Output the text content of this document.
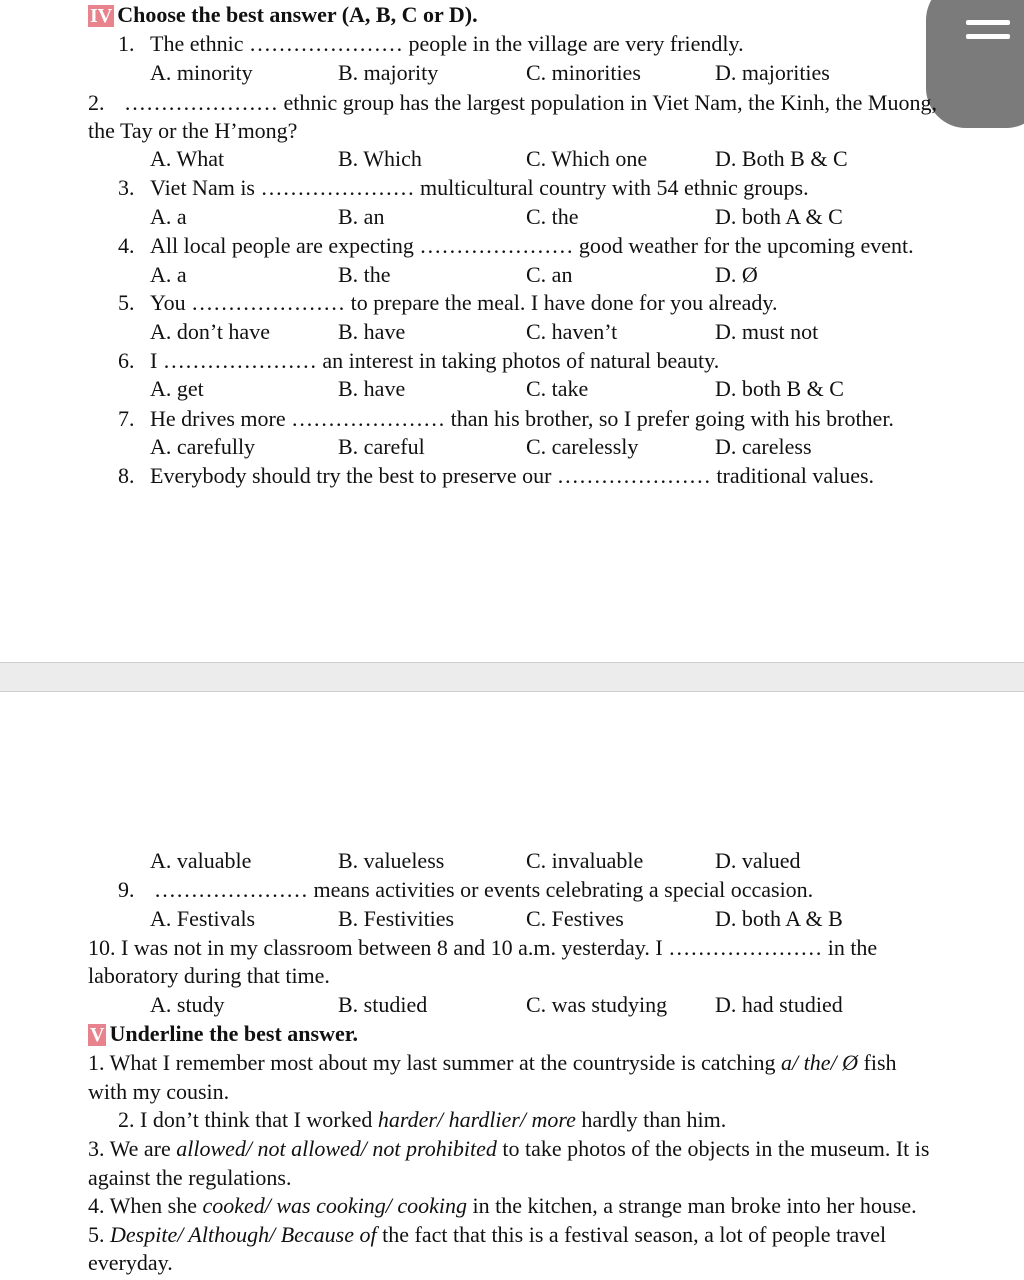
IV Choose the best answer (A, B, C or D).
1. The ethnic ………………… people in the village are very friendly.
A. minority	B. majority	C. minorities	D. majorities
2. ………………… ethnic group has the largest population in Viet Nam, the Kinh, the Muong,
the Tay or the H’mong?
A. What	B. Which	C. Which one	D. Both B & C
3. Viet Nam is ………………… multicultural country with 54 ethnic groups.
A. a	B. an	C. the	D. both A & C
4. All local people are expecting ………………… good weather for the upcoming event.
A. a	B. the	C. an	D. Ø
5. You ………………… to prepare the meal. I have done for you already.
A. don’t have	B. have	C. haven’t	D. must not
6. I ………………… an interest in taking photos of natural beauty.
A. get	B. have	C. take	D. both B & C
7. He drives more ………………… than his brother, so I prefer going with his brother.
A. carefully	B. careful	C. carelessly	D. careless
8. Everybody should try the best to preserve our ………………… traditional values.
A. valuable	B. valueless	C. invaluable	D. valued
9. ………………… means activities or events celebrating a special occasion.
A. Festivals	B. Festivities	C. Festives	D. both A & B
10. I was not in my classroom between 8 and 10 a.m. yesterday. I ………………… in the
laboratory during that time.
A. study	B. studied	C. was studying D. had studied
V Underline the best answer.
1. What I remember most about my last summer at the countryside is catching a/ the/ Ø fish
with my cousin.
2. I don’t think that I worked harder/ hardlier/ more hardly than him.
3. We are allowed/ not allowed/ not prohibited to take photos of the objects in the museum. It is
against the regulations.
4. When she cooked/ was cooking/ cooking in the kitchen, a strange man broke into her house.
5. Despite/ Although/ Because of the fact that this is a festival season, a lot of people travel
everyday.
